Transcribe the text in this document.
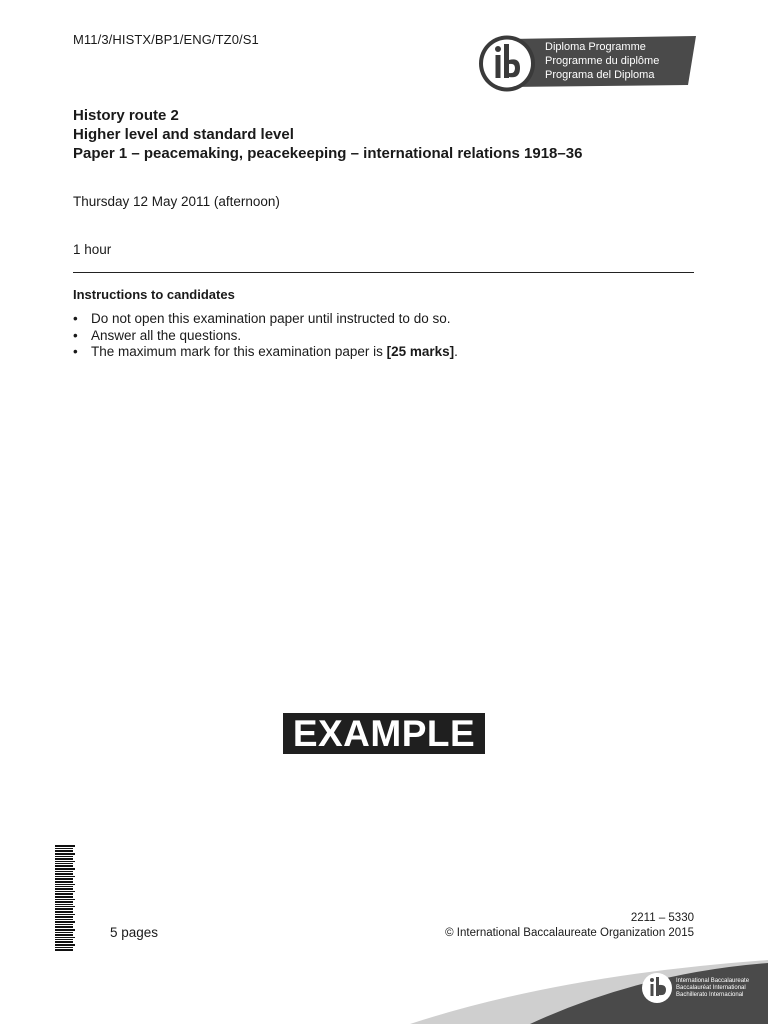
M11/3/HISTX/BP1/ENG/TZ0/S1	Diploma Programme
Programme du diplôme
Programa del Diploma
History route 2
Higher level and standard level
Paper 1 – peacemaking, peacekeeping – international relations 1918–36
Thursday 12 May 2011 (afternoon)
1 hour
Instructions to candidates
• Do not open this examination paper until instructed to do so.
• Answer all the questions.
• The maximum mark for this examination paper is [25 marks].
EXAMPLE
5 pages
2211 – 5330
© International Baccalaureate Organization 2015
International Baccalaureate
Baccalauréat International
Bachillerato Internacional
